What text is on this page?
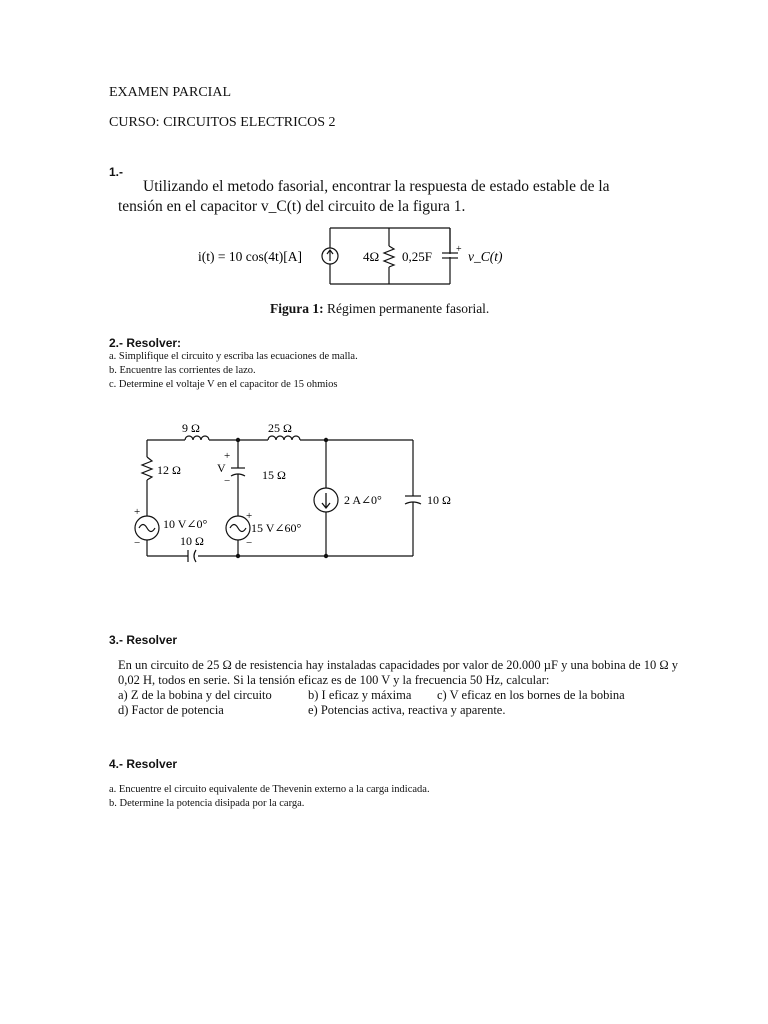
EXAMEN PARCIAL
CURSO: CIRCUITOS ELECTRICOS 2
1.-
Utilizando el metodo fasorial, encontrar la respuesta de estado estable de la
tensión en el capacitor v_C(t) del circuito de la figura 1.
i(t) = 10 cos(4t)[A]	4Ω 0,25F + v_C(t)
Figura 1: Régimen permanente fasorial.
2.- Resolver:
a. Simplifique el circuito y escriba las ecuaciones de malla.
b. Encuentre las corrientes de lazo.
c. Determine el voltaje V en el capacitor de 15 ohmios
9 Ω	25 Ω
12 Ω
+
V
−	15 Ω
10 V∠0°
+
−
15 V∠60°
+
−
10 Ω
2 A∠0°	10 Ω
3.- Resolver
En un circuito de 25 Ω de resistencia hay instaladas capacidades por valor de 20.000 µF y una bobina de 10 Ω y
0,02 H, todos en serie. Si la tensión eficaz es de 100 V y la frecuencia 50 Hz, calcular:
a) Z de la bobina y del circuito	b) I eficaz y máxima c) V eficaz en los bornes de la bobina
d) Factor de potencia	e) Potencias activa, reactiva y aparente.
4.- Resolver
a. Encuentre el circuito equivalente de Thevenin externo a la carga indicada.
b. Determine la potencia disipada por la carga.
